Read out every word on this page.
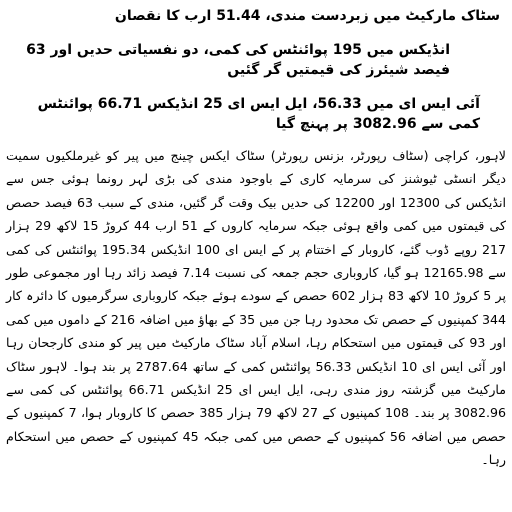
سٹاک مارکیٹ میں زبردست مندی، 51.44 ارب کا نقصان
انڈیکس میں 195 پوائنٹس کی کمی، دو نفسیاتی حدیں اور 63 فیصد شیئرز کی قیمتیں گر گئیں
آئی ایس ای میں 56.33، ایل ایس ای 25 انڈیکس 66.71 پوائنٹس کمی سے 3082.96 پر پہنچ گیا

لاہور، کراچی (سٹاف رپورٹر، بزنس رپورٹر) سٹاک ایکس چینج میں پیر کو غیرملکیوں سمیت دیگر انسٹی ٹیوشنز کی سرمایہ کاری کے باوجود مندی کی بڑی لہر رونما ہوئی جس سے انڈیکس کی 12300 اور 12200 کی حدیں بیک وقت گر گئیں، مندی کے سبب 63 فیصد حصص کی قیمتوں میں کمی واقع ہوئی جبکہ سرمایہ کاروں کے 51 ارب 44 کروڑ 15 لاکھ 29 ہزار 217 روپے ڈوب گئے، کاروبار کے اختتام پر کے ایس ای 100 انڈیکس 195.34 پوائنٹس کی کمی سے 12165.98 ہو گیا، کاروباری حجم جمعہ کی نسبت 7.14 فیصد زائد رہا اور مجموعی طور پر 5 کروڑ 10 لاکھ 83 ہزار 602 حصص کے سودے ہوئے جبکہ کاروباری سرگرمیوں کا دائرہ کار 344 کمپنیوں کے حصص تک محدود رہا جن میں 35 کے بھاؤ میں اضافہ 216 کے داموں میں کمی اور 93 کی قیمتوں میں استحکام رہا، اسلام آباد سٹاک مارکیٹ میں پیر کو مندی کارجحان رہا اور آئی ایس ای 10 انڈیکس 56.33 پوائنٹس کمی کے ساتھ 2787.64 پر بند ہوا۔ لاہور سٹاک مارکیٹ میں گزشتہ روز مندی رہی، ایل ایس ای 25 انڈیکس 66.71 پوائنٹس کی کمی سے 3082.96 پر بند۔ 108 کمپنیوں کے 27 لاکھ 79 ہزار 385 حصص کا کاروبار ہوا، 7 کمپنیوں کے حصص میں اضافہ 56 کمپنیوں کے حصص میں کمی جبکہ 45 کمپنیوں کے حصص میں استحکام رہا۔
